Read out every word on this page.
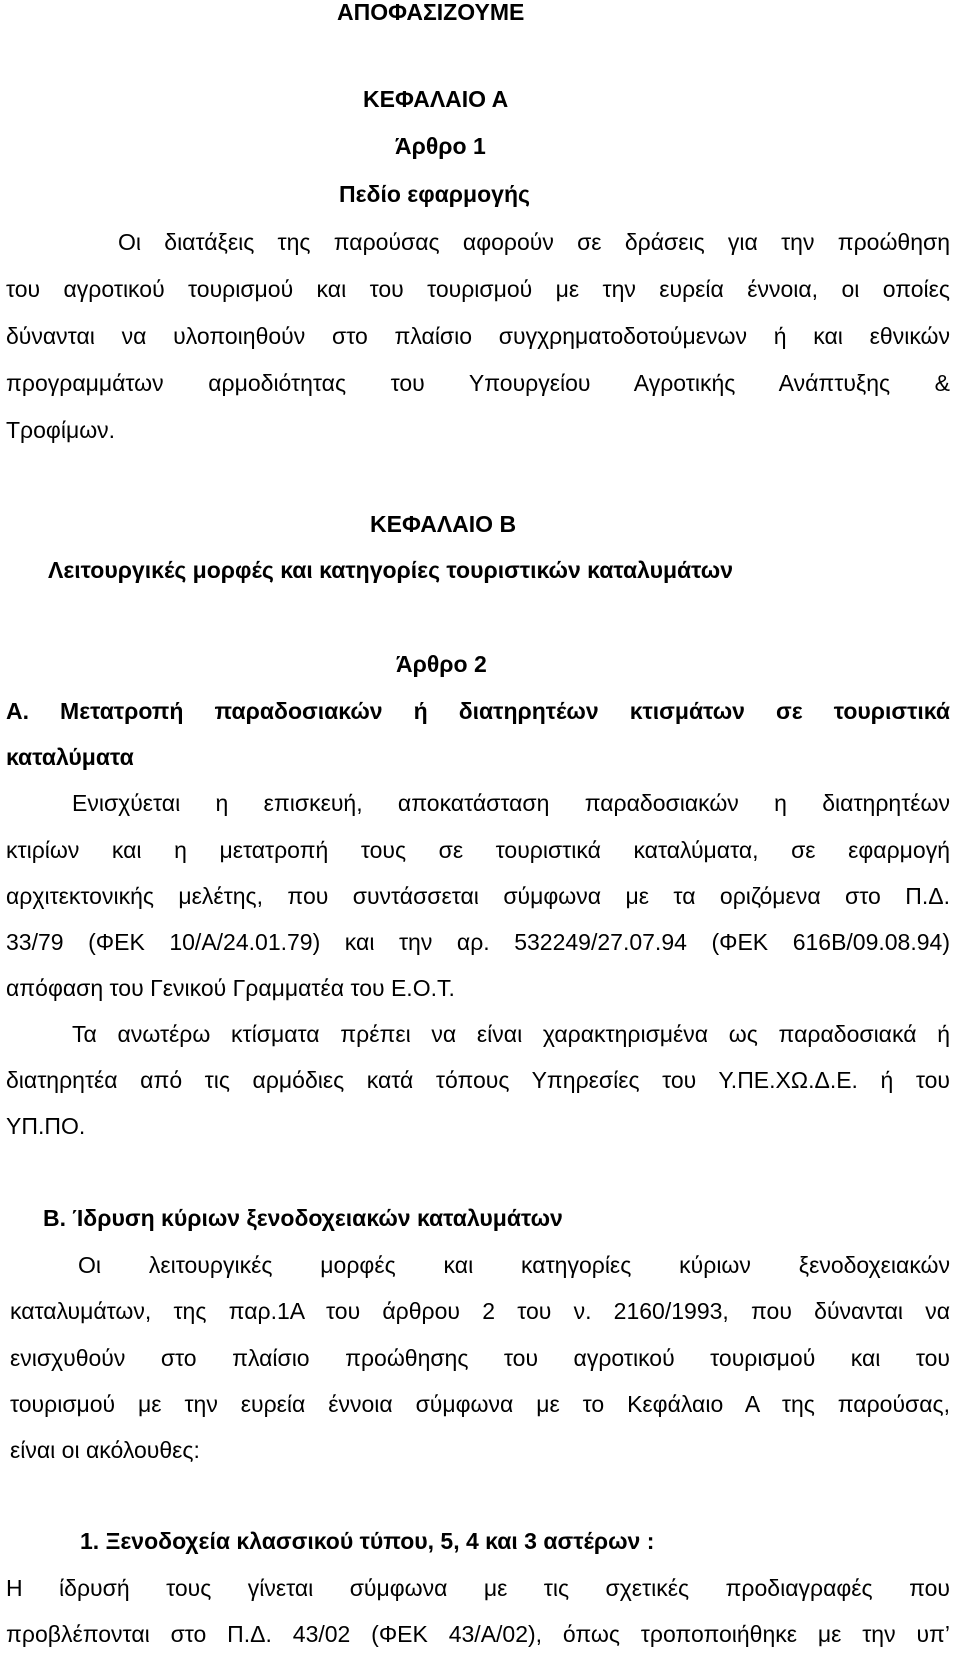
ΑΠΟΦΑΣΙΖΟΥΜΕ
ΚΕΦΑΛΑΙΟ Α
Άρθρο 1
Πεδίο εφαρμογής
Οι διατάξεις της παρούσας αφορούν σε δράσεις για την προώθηση
του αγροτικού τουρισμού και του τουρισμού με την ευρεία έννοια, οι οποίες
δύνανται να υλοποιηθούν στο πλαίσιο συγχρηματοδοτούμενων ή και εθνικών
προγραμμάτων αρμοδιότητας του Υπουργείου Αγροτικής Ανάπτυξης &
Τροφίμων.
ΚΕΦΑΛΑΙΟ Β
Λειτουργικές μορφές και κατηγορίες τουριστικών καταλυμάτων
Άρθρο 2
Α. Μετατροπή παραδοσιακών ή διατηρητέων κτισμάτων σε τουριστικά
καταλύματα
Ενισχύεται η επισκευή, αποκατάσταση παραδοσιακών η διατηρητέων
κτιρίων και η μετατροπή τους σε τουριστικά καταλύματα, σε εφαρμογή
αρχιτεκτονικής μελέτης, που συντάσσεται σύμφωνα με τα οριζόμενα στο Π.Δ.
33/79 (ΦΕΚ 10/Α/24.01.79) και την αρ. 532249/27.07.94 (ΦΕΚ 616Β/09.08.94)
απόφαση του Γενικού Γραμματέα του Ε.Ο.Τ.
Τα ανωτέρω κτίσματα πρέπει να είναι χαρακτηρισμένα ως παραδοσιακά ή
διατηρητέα από τις αρμόδιες κατά τόπους Υπηρεσίες του Υ.ΠΕ.ΧΩ.Δ.Ε. ή του
ΥΠ.ΠΟ.
Β. Ίδρυση κύριων ξενοδοχειακών καταλυμάτων
Οι λειτουργικές μορφές και κατηγορίες κύριων ξενοδοχειακών
καταλυμάτων, της παρ.1Α του άρθρου 2 του ν. 2160/1993, που δύνανται να
ενισχυθούν στο πλαίσιο προώθησης του αγροτικού τουρισμού και του
τουρισμού με την ευρεία έννοια σύμφωνα με το Κεφάλαιο Α της παρούσας,
είναι οι ακόλουθες:
1. Ξενοδοχεία κλασσικού τύπου, 5, 4 και 3 αστέρων :
Η ίδρυσή τους γίνεται σύμφωνα με τις σχετικές προδιαγραφές που
προβλέπονται στο Π.Δ. 43/02 (ΦΕΚ 43/Α/02), όπως τροποποιήθηκε με την υπ’
